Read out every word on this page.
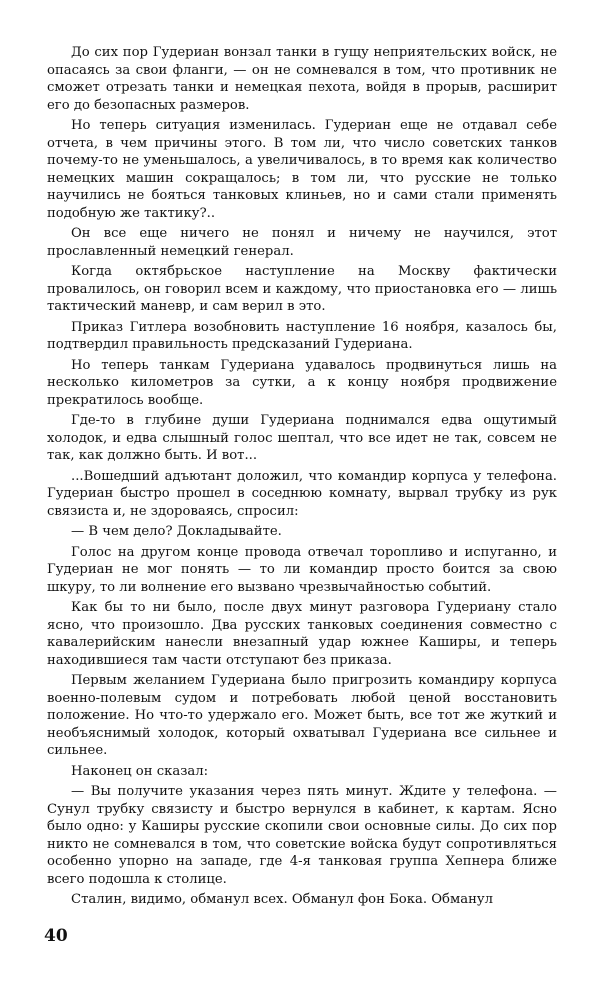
До сих пор Гудериан вонзал танки в гущу неприятельских войск, не опасаясь за свои фланги, — он не сомневался в том, что противник не сможет отрезать танки и немецкая пехота, войдя в прорыв, расширит его до безопасных размеров.

Но теперь ситуация изменилась. Гудериан еще не отдавал себе отчета, в чем причины этого. В том ли, что число советских танков почему-то не уменьшалось, а увеличивалось, в то время как количество немецких машин сокращалось; в том ли, что русские не только научились не бояться танковых клиньев, но и сами стали применять подобную же тактику?..

Он все еще ничего не понял и ничему не научился, этот прославленный немецкий генерал.

Когда октябрьское наступление на Москву фактически провалилось, он говорил всем и каждому, что приостановка его — лишь тактический маневр, и сам верил в это.

Приказ Гитлера возобновить наступление 16 ноября, казалось бы, подтвердил правильность предсказаний Гудериана.

Но теперь танкам Гудериана удавалось продвинуться лишь на несколько километров за сутки, а к концу ноября продвижение прекратилось вообще.

Где-то в глубине души Гудериана поднимался едва ощутимый холодок, и едва слышный голос шептал, что все идет не так, совсем не так, как должно быть. И вот...

...Вошедший адъютант доложил, что командир корпуса у телефона. Гудериан быстро прошел в соседнюю комнату, вырвал трубку из рук связиста и, не здороваясь, спросил:

— В чем дело? Докладывайте.

Голос на другом конце провода отвечал торопливо и испуганно, и Гудериан не мог понять — то ли командир просто боится за свою шкуру, то ли волнение его вызвано чрезвычайностью событий.

Как бы то ни было, после двух минут разговора Гудериану стало ясно, что произошло. Два русских танковых соединения совместно с кавалерийским нанесли внезапный удар южнее Каширы, и теперь находившиеся там части отступают без приказа.

Первым желанием Гудериана было пригрозить командиру корпуса военно-полевым судом и потребовать любой ценой восстановить положение. Но что-то удержало его. Может быть, все тот же жуткий и необъяснимый холодок, который охватывал Гудериана все сильнее и сильнее.

Наконец он сказал:

— Вы получите указания через пять минут. Ждите у телефона. — Сунул трубку связисту и быстро вернулся в кабинет, к картам. Ясно было одно: у Каширы русские скопили свои основные силы. До сих пор никто не сомневался в том, что советские войска будут сопротивляться особенно упорно на западе, где 4-я танковая группа Хепнера ближе всего подошла к столице.

Сталин, видимо, обманул всех. Обманул фон Бока. Обманул

40
